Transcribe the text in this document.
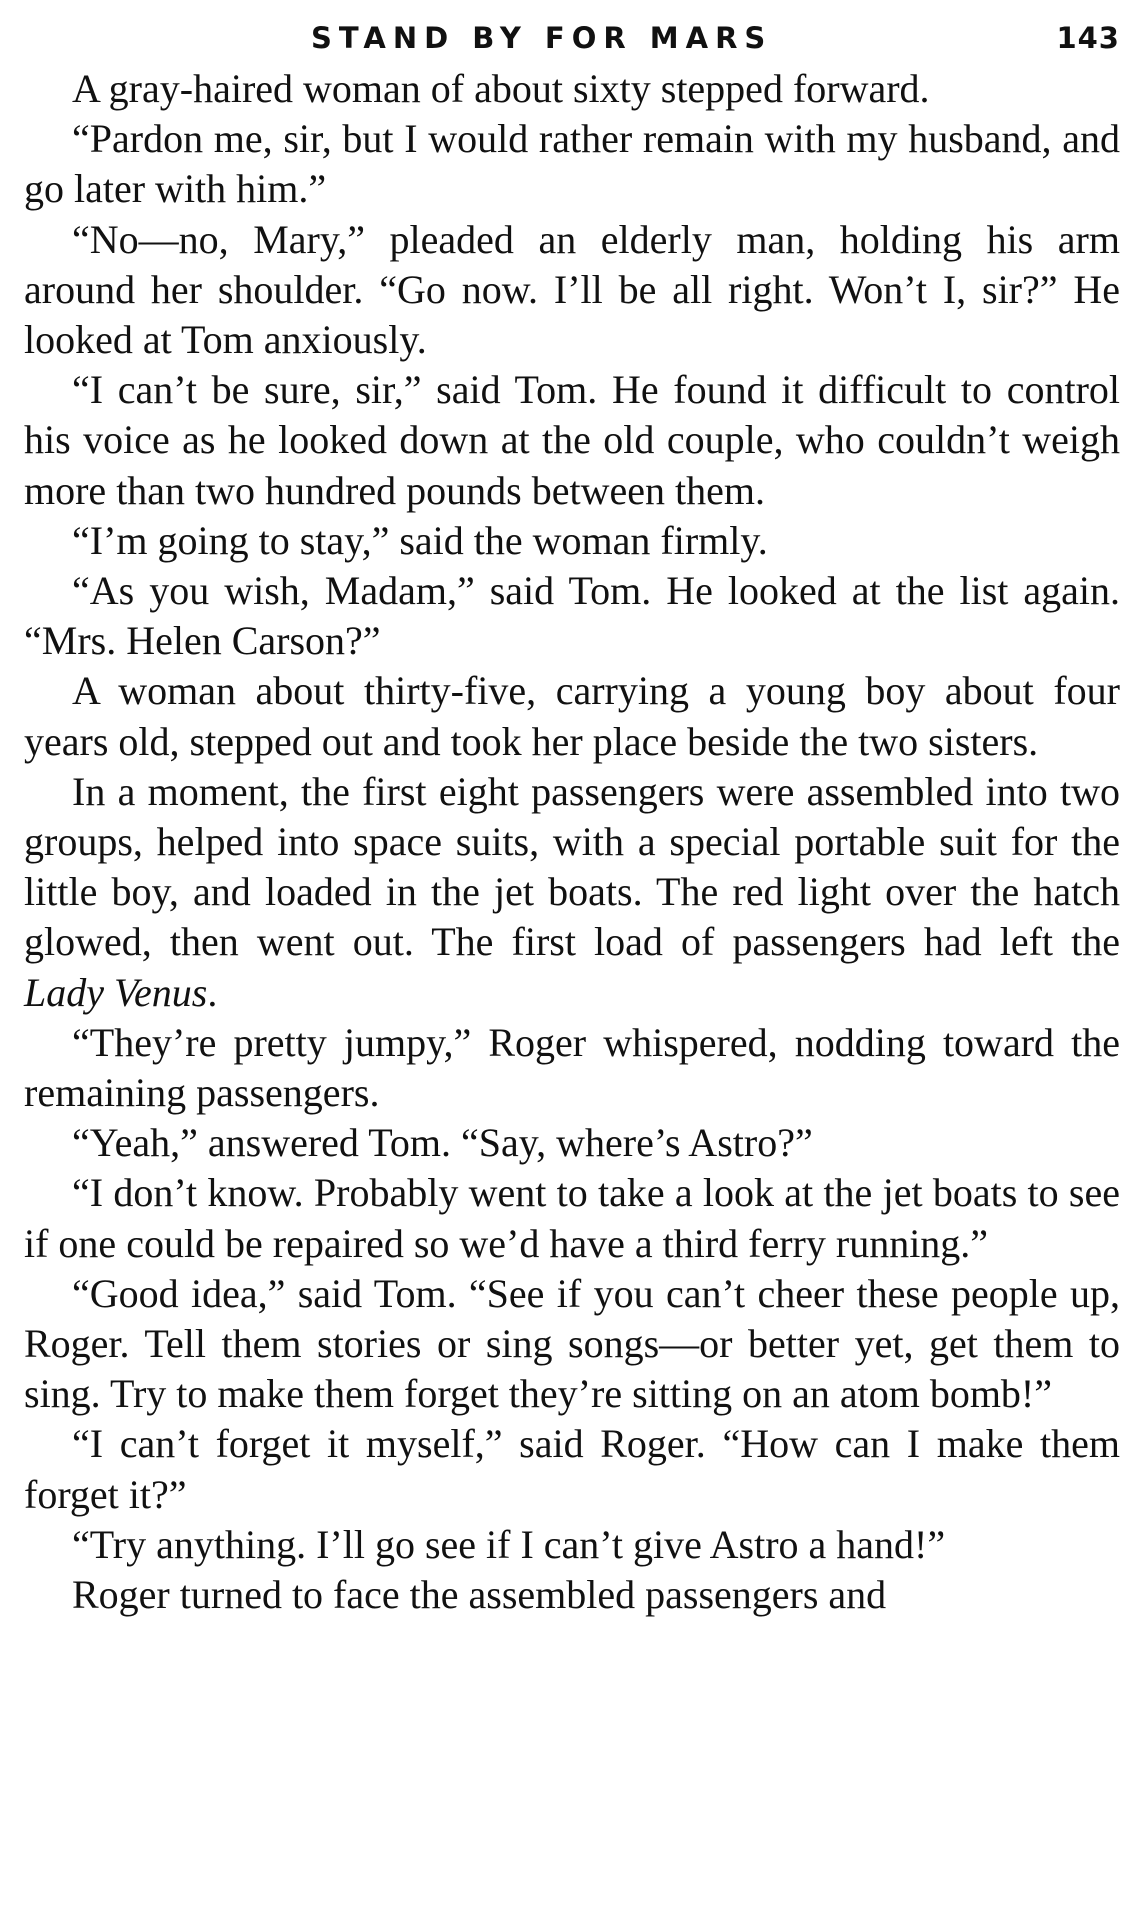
STAND BY FOR MARS	143

A gray-haired woman of about sixty stepped forward.

“Pardon me, sir, but I would rather remain with my husband, and go later with him.”

“No—no, Mary,” pleaded an elderly man, holding his arm around her shoulder. “Go now. I’ll be all right. Won’t I, sir?” He looked at Tom anxiously.

“I can’t be sure, sir,” said Tom. He found it difficult to control his voice as he looked down at the old couple, who couldn’t weigh more than two hundred pounds between them.

“I’m going to stay,” said the woman firmly.

“As you wish, Madam,” said Tom. He looked at the list again. “Mrs. Helen Carson?”

A woman about thirty-five, carrying a young boy about four years old, stepped out and took her place beside the two sisters.

In a moment, the first eight passengers were assembled into two groups, helped into space suits, with a special portable suit for the little boy, and loaded in the jet boats. The red light over the hatch glowed, then went out. The first load of passengers had left the Lady Venus.

“They’re pretty jumpy,” Roger whispered, nodding toward the remaining passengers.

“Yeah,” answered Tom. “Say, where’s Astro?”

“I don’t know. Probably went to take a look at the jet boats to see if one could be repaired so we’d have a third ferry running.”

“Good idea,” said Tom. “See if you can’t cheer these people up, Roger. Tell them stories or sing songs—or better yet, get them to sing. Try to make them forget they’re sitting on an atom bomb!”

“I can’t forget it myself,” said Roger. “How can I make them forget it?”

“Try anything. I’ll go see if I can’t give Astro a hand!”

Roger turned to face the assembled passengers and
